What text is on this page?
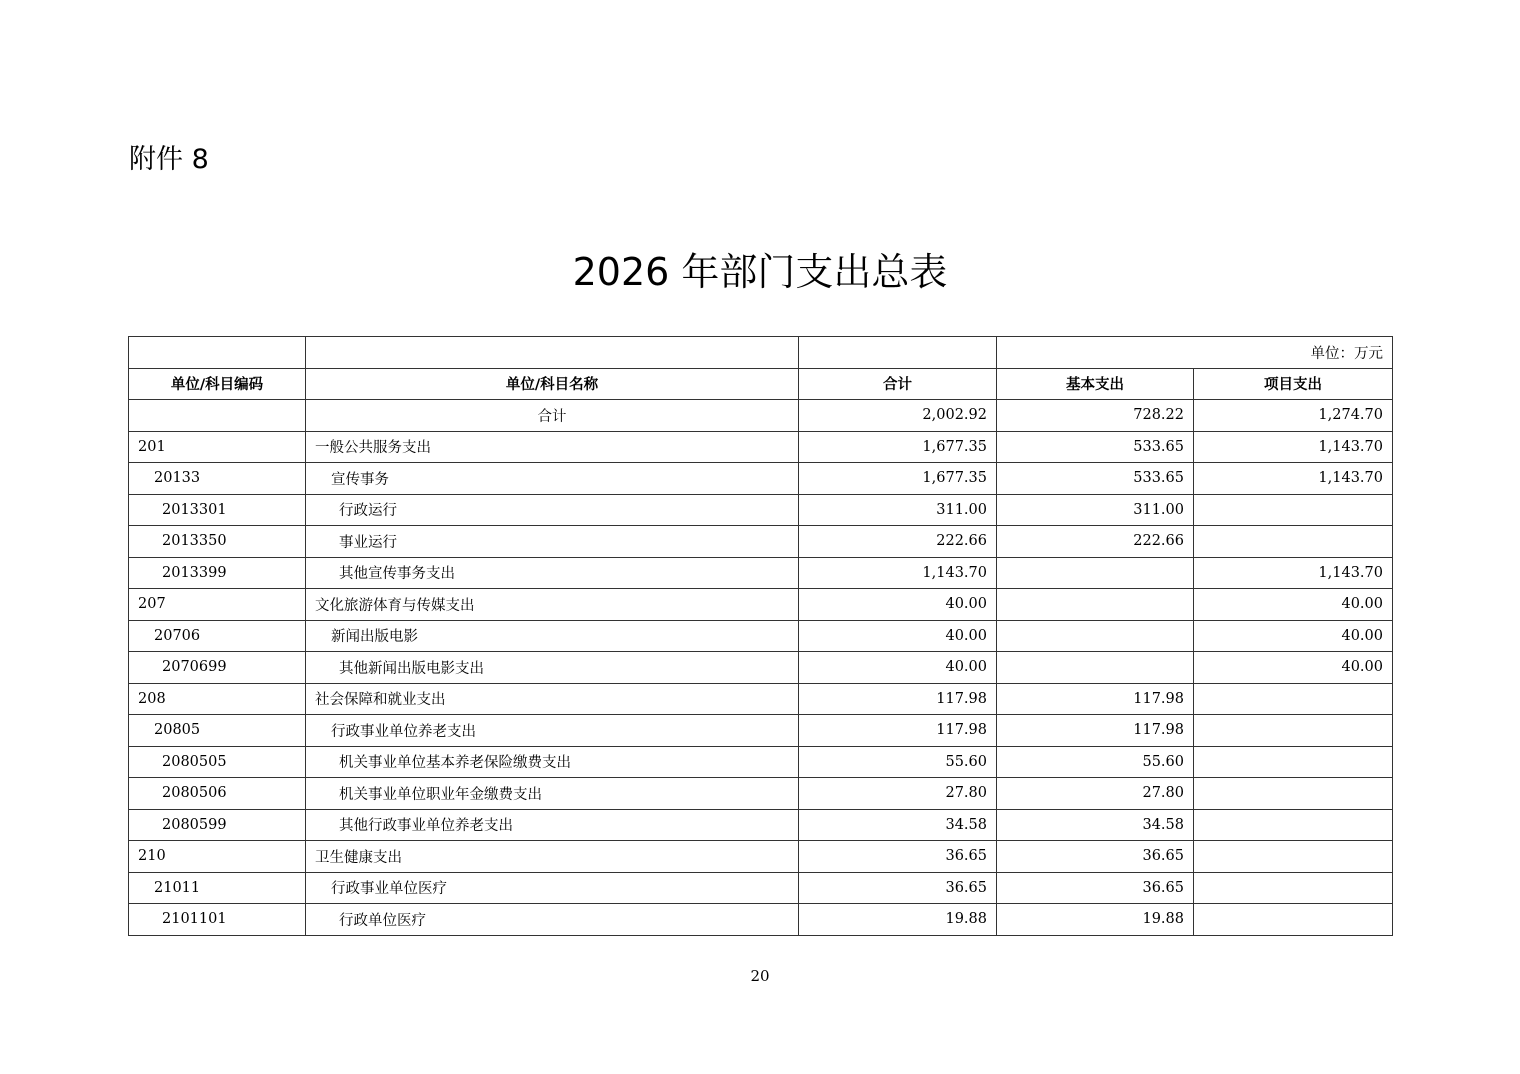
附件 8
2026 年部门支出总表
			单位：万元	
单位/科目编码	单位/科目名称	合计	基本支出	项目支出
	合计	2,002.92	728.22	1,274.70
201	一般公共服务支出	1,677.35	533.65	1,143.70
20133	宣传事务	1,677.35	533.65	1,143.70
2013301	行政运行	311.00	311.00	
2013350	事业运行	222.66	222.66	
2013399	其他宣传事务支出	1,143.70		1,143.70
207	文化旅游体育与传媒支出	40.00		40.00
20706	新闻出版电影	40.00		40.00
2070699	其他新闻出版电影支出	40.00		40.00
208	社会保障和就业支出	117.98	117.98	
20805	行政事业单位养老支出	117.98	117.98	
2080505	机关事业单位基本养老保险缴费支出	55.60	55.60	
2080506	机关事业单位职业年金缴费支出	27.80	27.80	
2080599	其他行政事业单位养老支出	34.58	34.58	
210	卫生健康支出	36.65	36.65	
21011	行政事业单位医疗	36.65	36.65	
2101101	行政单位医疗	19.88	19.88	
20
